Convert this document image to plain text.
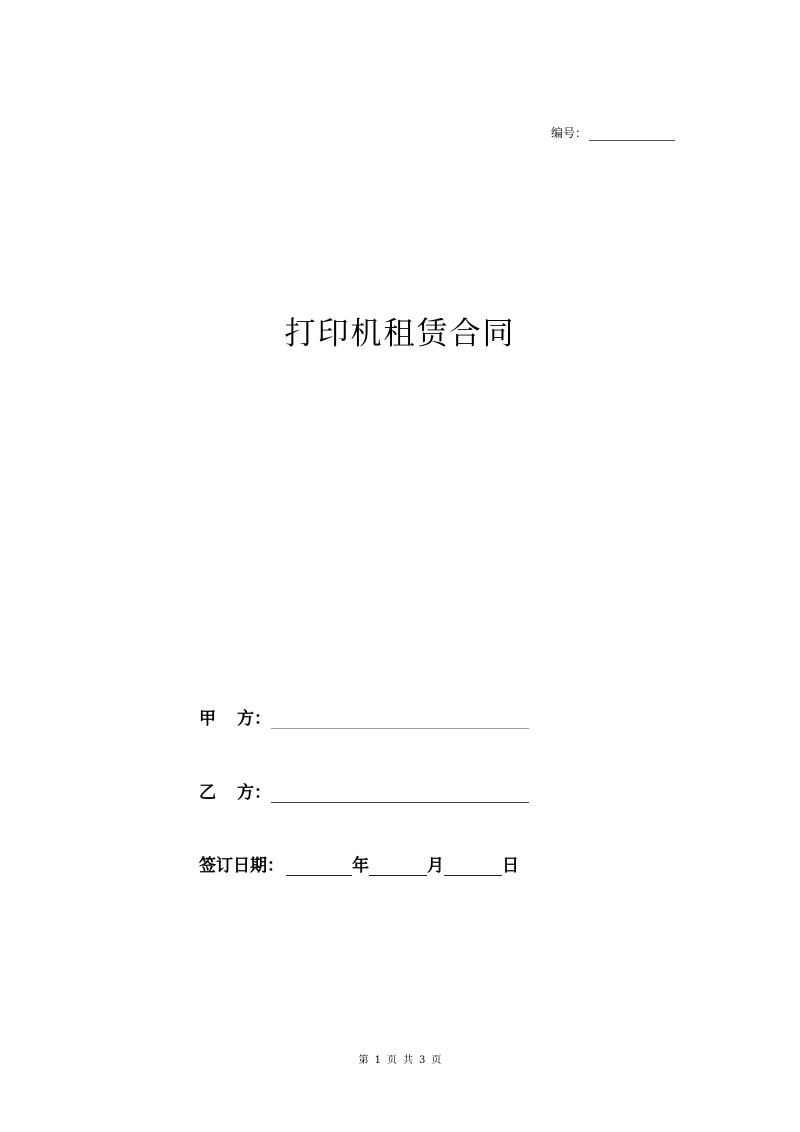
编号：
打印机租赁合同
甲 方：
乙 方：
签订日期：	年	月	日
第 1 页 共 3 页
